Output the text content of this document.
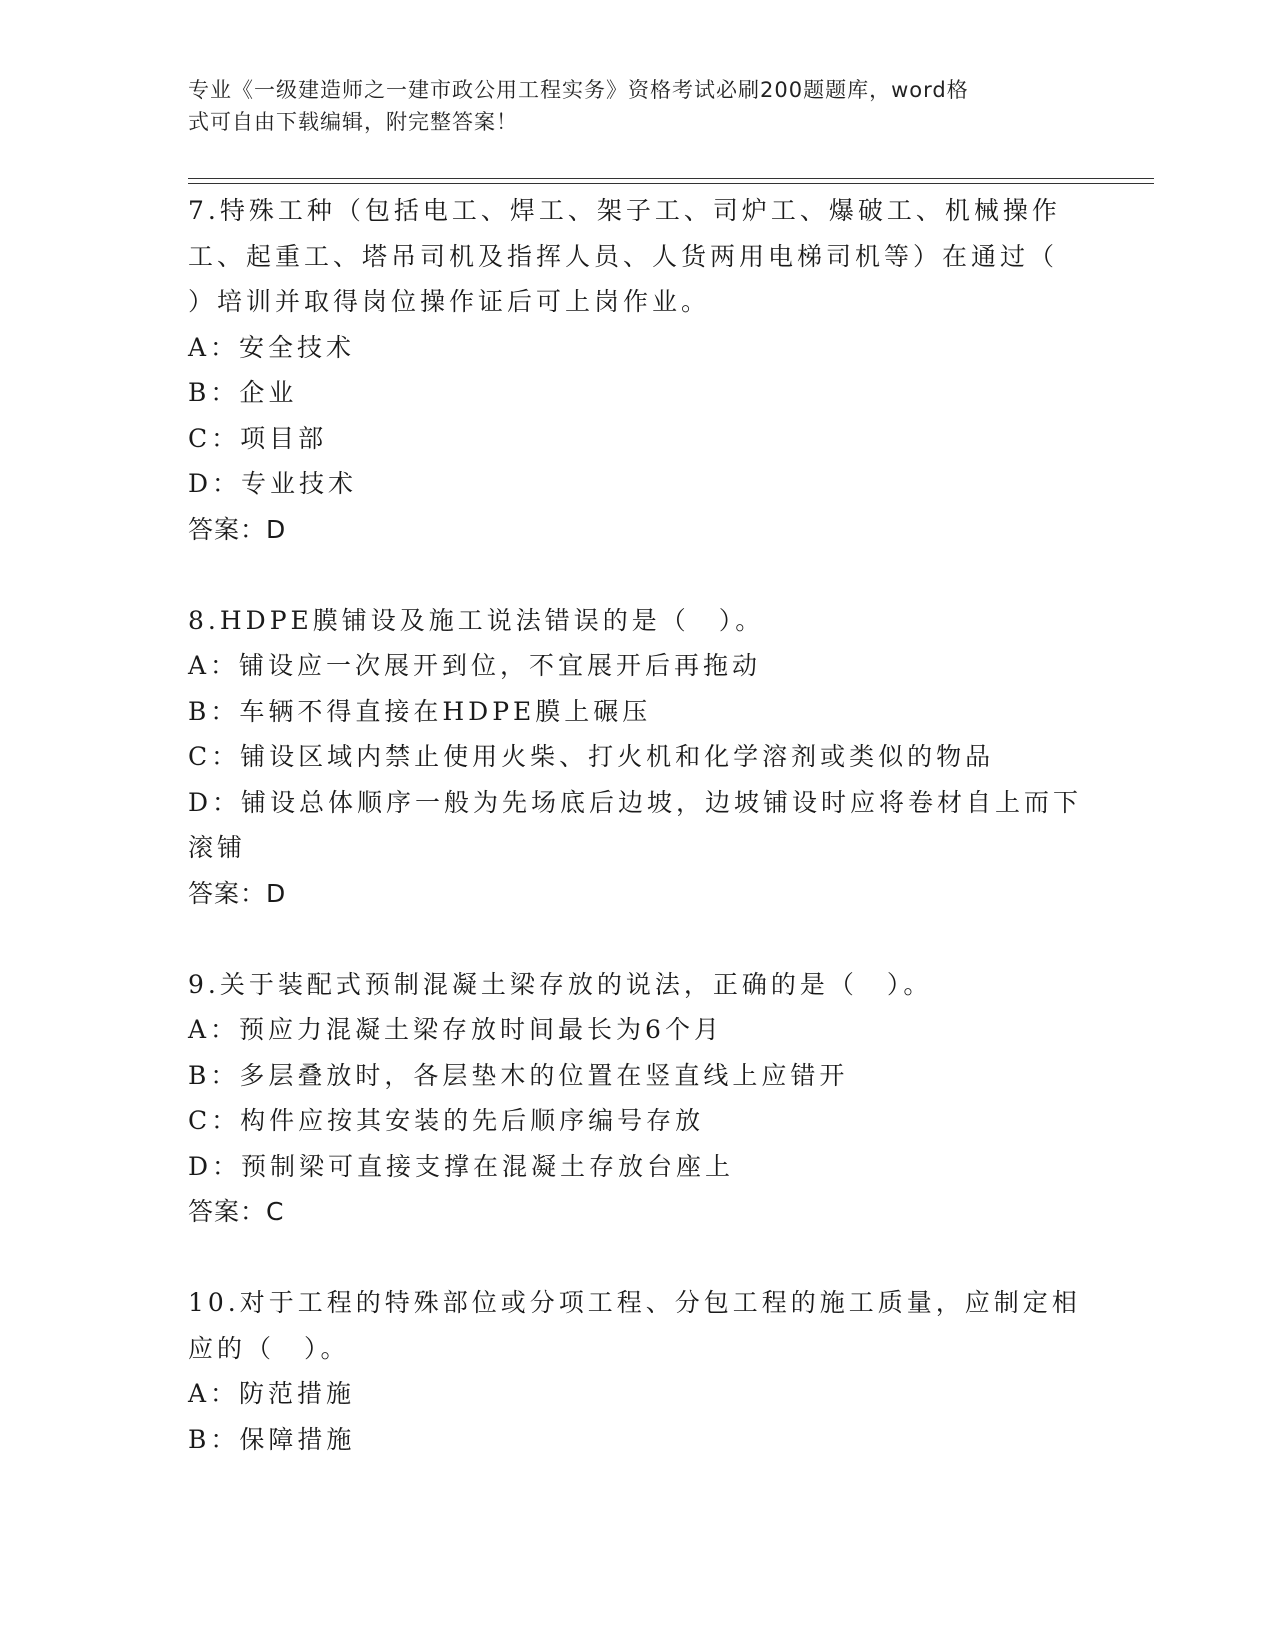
专业《一级建造师之一建市政公用工程实务》资格考试必刷200题题库，word格
式可自由下载编辑，附完整答案！
7.特殊工种（包括电工、焊工、架子工、司炉工、爆破工、机械操作
工、起重工、塔吊司机及指挥人员、人货两用电梯司机等）在通过（
）培训并取得岗位操作证后可上岗作业。
A：安全技术
B：企业
C：项目部
D：专业技术
答案：D
8.HDPE膜铺设及施工说法错误的是（　）。
A：铺设应一次展开到位，不宜展开后再拖动
B：车辆不得直接在HDPE膜上碾压
C：铺设区域内禁止使用火柴、打火机和化学溶剂或类似的物品
D：铺设总体顺序一般为先场底后边坡，边坡铺设时应将卷材自上而下
滚铺
答案：D
9.关于装配式预制混凝土梁存放的说法，正确的是（　）。
A：预应力混凝土梁存放时间最长为6个月
B：多层叠放时，各层垫木的位置在竖直线上应错开
C：构件应按其安装的先后顺序编号存放
D：预制梁可直接支撑在混凝土存放台座上
答案：C
10.对于工程的特殊部位或分项工程、分包工程的施工质量，应制定相
应的（　）。
A：防范措施
B：保障措施
